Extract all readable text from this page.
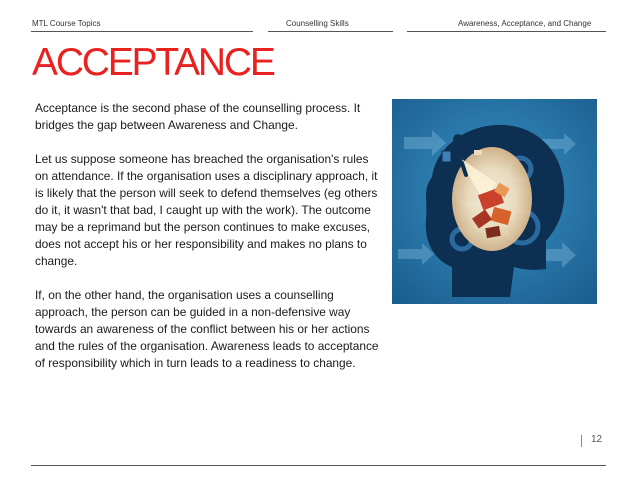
MTL Course Topics	Counselling Skills	Awareness, Acceptance, and Change
ACCEPTANCE

Acceptance is the second phase of the counselling process. It bridges the gap between Awareness and Change.

Let us suppose someone has breached the organisation's rules on attendance. If the organisation uses a disciplinary approach, it is likely that the person will seek to defend themselves (eg others do it, it wasn't that bad, I caught up with the work). The outcome may be a reprimand but the person continues to make excuses, does not accept his or her responsibility and makes no plans to change.

If, on the other hand, the organisation uses a counselling approach, the person can be guided in a non-defensive way towards an awareness of the conflict between his or her actions and the rules of the organisation. Awareness leads to acceptance of responsibility which in turn leads to a readiness to change.

12
